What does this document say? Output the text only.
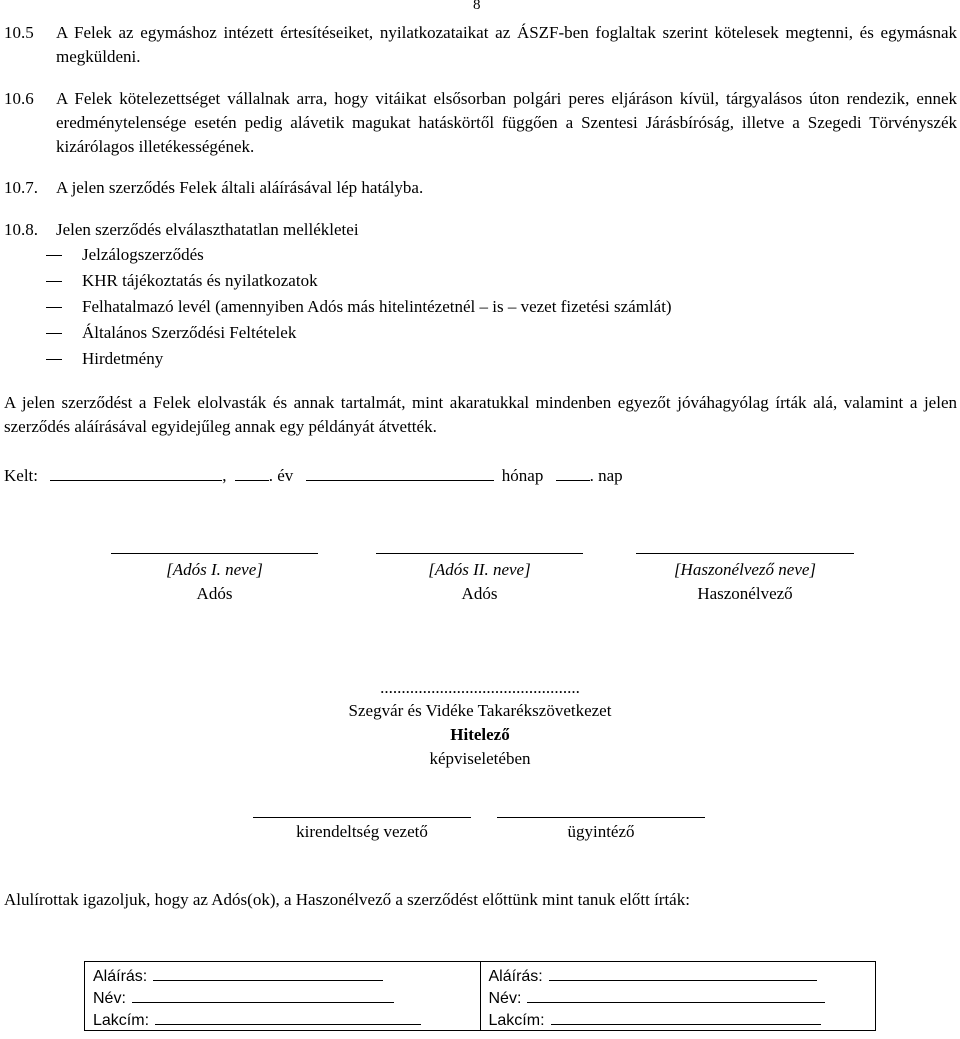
8
10.5 A Felek az egymáshoz intézett értesítéseiket, nyilatkozataikat az ÁSZF-ben foglaltak szerint kötelesek megtenni, és egymásnak megküldeni.
10.6 A Felek kötelezettséget vállalnak arra, hogy vitáikat elsősorban polgári peres eljáráson kívül, tárgyalásos úton rendezik, ennek eredménytelensége esetén pedig alávetik magukat hatáskörtől függően a Szentesi Járásbíróság, illetve a Szegedi Törvényszék kizárólagos illetékességének.
10.7. A jelen szerződés Felek általi aláírásával lép hatályba.
10.8. Jelen szerződés elválaszthatatlan mellékletei
Jelzálogszerződés
KHR tájékoztatás és nyilatkozatok
Felhatalmazó levél (amennyiben Adós más hitelintézetnél – is – vezet fizetési számlát)
Általános Szerződési Feltételek
Hirdetmény
A jelen szerződést a Felek elolvasták és annak tartalmát, mint akaratukkal mindenben egyezőt jóváhagyólag írták alá, valamint a jelen szerződés aláírásával egyidejűleg annak egy példányát átvették.
Kelt:	, . év	hónap	. nap
[Adós I. neve]
Adós
[Adós II. neve]
Adós
[Haszonélvező neve]
Haszonélvező
...............................................
Szegvár és Vidéke Takarékszövetkezet
Hitelező
képviseletében
kirendeltség vezető	ügyintéző
Alulírottak igazoljuk, hogy az Adós(ok), a Haszonélvező a szerződést előttünk mint tanuk előtt írták:
Aláírás:
Név:
Lakcím:

Aláírás:
Név:
Lakcím:
